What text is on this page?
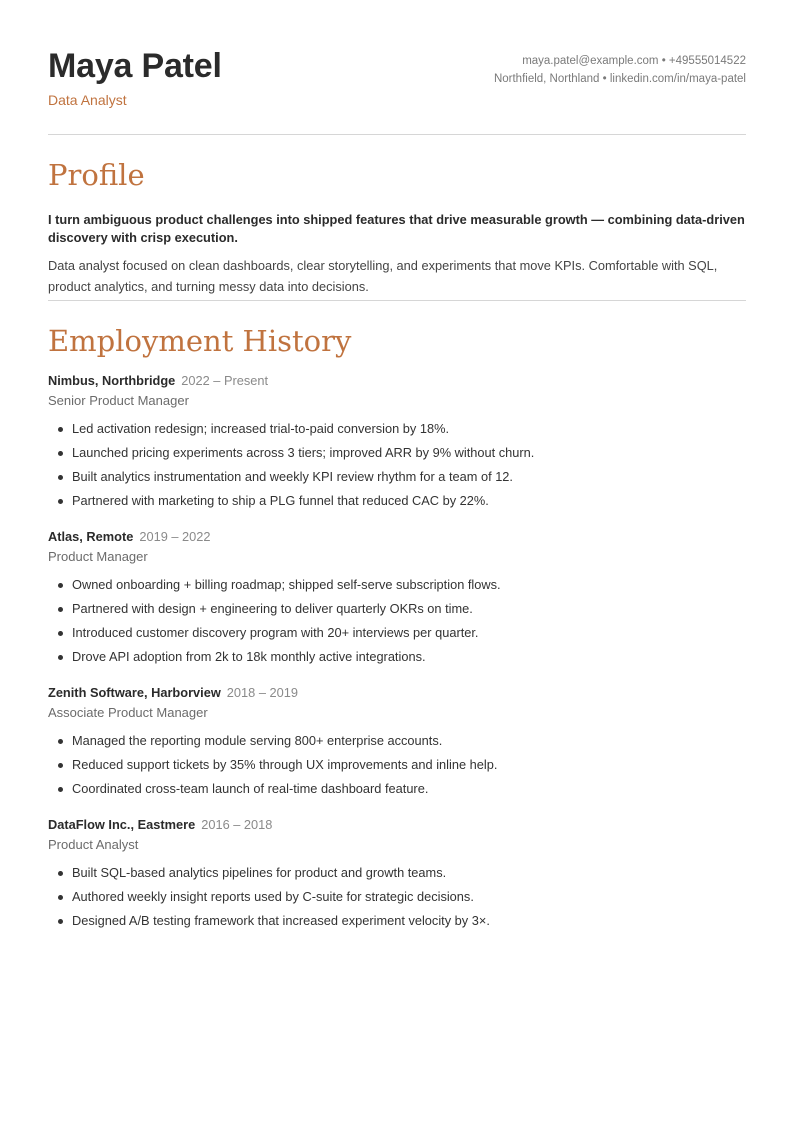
Maya Patel
Data Analyst
maya.patel@example.com • +49555014522
Northfield, Northland • linkedin.com/in/maya-patel
Profile

I turn ambiguous product challenges into shipped features that drive measurable growth — combining data-driven discovery with crisp execution.

Data analyst focused on clean dashboards, clear storytelling, and experiments that move KPIs. Comfortable with SQL, product analytics, and turning messy data into decisions.

Employment History
Nimbus, Northbridge 2022 – Present
Senior Product Manager
Led activation redesign; increased trial-to-paid conversion by 18%.
Launched pricing experiments across 3 tiers; improved ARR by 9% without churn.
Built analytics instrumentation and weekly KPI review rhythm for a team of 12.
Partnered with marketing to ship a PLG funnel that reduced CAC by 22%.
Atlas, Remote 2019 – 2022
Product Manager
Owned onboarding + billing roadmap; shipped self-serve subscription flows.
Partnered with design + engineering to deliver quarterly OKRs on time.
Introduced customer discovery program with 20+ interviews per quarter.
Drove API adoption from 2k to 18k monthly active integrations.
Zenith Software, Harborview 2018 – 2019
Associate Product Manager
Managed the reporting module serving 800+ enterprise accounts.
Reduced support tickets by 35% through UX improvements and inline help.
Coordinated cross-team launch of real-time dashboard feature.
DataFlow Inc., Eastmere 2016 – 2018
Product Analyst
Built SQL-based analytics pipelines for product and growth teams.
Authored weekly insight reports used by C-suite for strategic decisions.
Designed A/B testing framework that increased experiment velocity by 3×.
